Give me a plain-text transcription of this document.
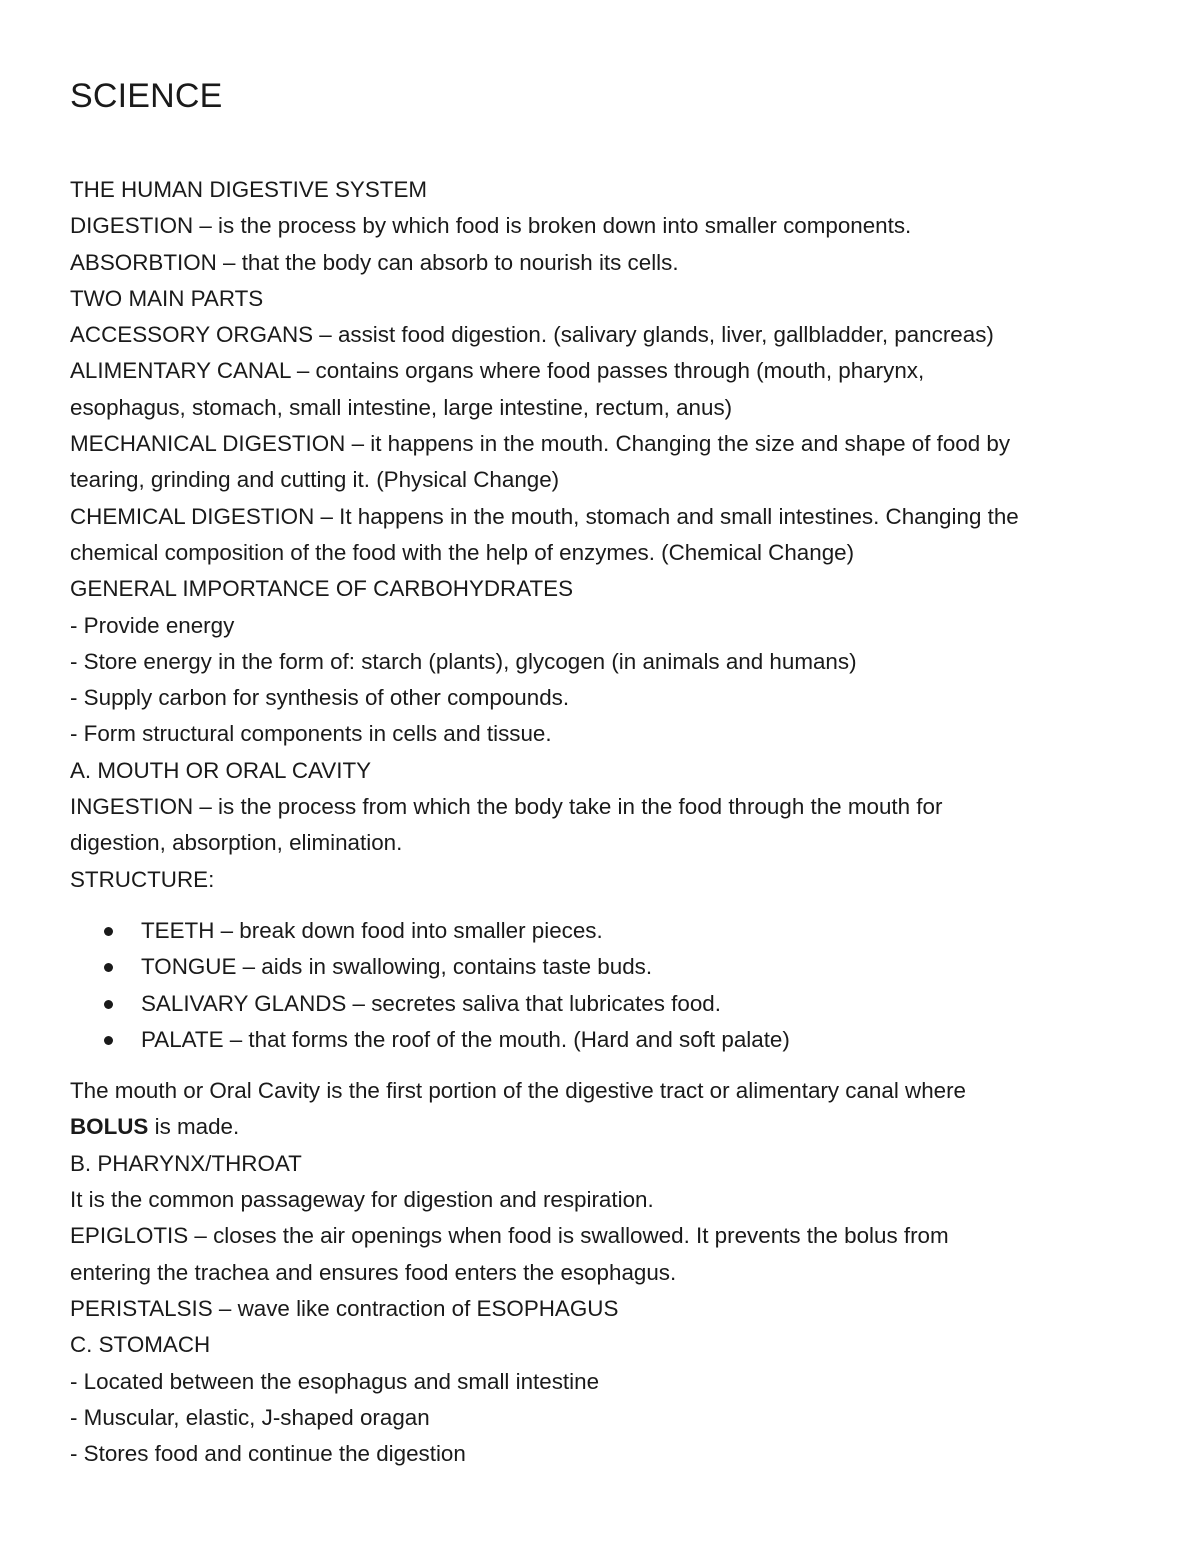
SCIENCE
THE HUMAN DIGESTIVE SYSTEM
DIGESTION – is the process by which food is broken down into smaller components.
ABSORBTION – that the body can absorb to nourish its cells.
TWO MAIN PARTS
ACCESSORY ORGANS – assist food digestion. (salivary glands, liver, gallbladder, pancreas)
ALIMENTARY CANAL – contains organs where food passes through (mouth, pharynx,
esophagus, stomach, small intestine, large intestine, rectum, anus)
MECHANICAL DIGESTION – it happens in the mouth. Changing the size and shape of food by
tearing, grinding and cutting it. (Physical Change)
CHEMICAL DIGESTION – It happens in the mouth, stomach and small intestines. Changing the
chemical composition of the food with the help of enzymes. (Chemical Change)
GENERAL IMPORTANCE OF CARBOHYDRATES
- Provide energy
- Store energy in the form of: starch (plants), glycogen (in animals and humans)
- Supply carbon for synthesis of other compounds.
- Form structural components in cells and tissue.
A. MOUTH OR ORAL CAVITY
INGESTION – is the process from which the body take in the food through the mouth for
digestion, absorption, elimination.
STRUCTURE:
TEETH – break down food into smaller pieces.
TONGUE – aids in swallowing, contains taste buds.
SALIVARY GLANDS – secretes saliva that lubricates food.
PALATE – that forms the roof of the mouth. (Hard and soft palate)
The mouth or Oral Cavity is the first portion of the digestive tract or alimentary canal where
BOLUS is made.
B. PHARYNX/THROAT
It is the common passageway for digestion and respiration.
EPIGLOTIS – closes the air openings when food is swallowed. It prevents the bolus from
entering the trachea and ensures food enters the esophagus.
PERISTALSIS – wave like contraction of ESOPHAGUS
C. STOMACH
- Located between the esophagus and small intestine
- Muscular, elastic, J-shaped oragan
- Stores food and continue the digestion
